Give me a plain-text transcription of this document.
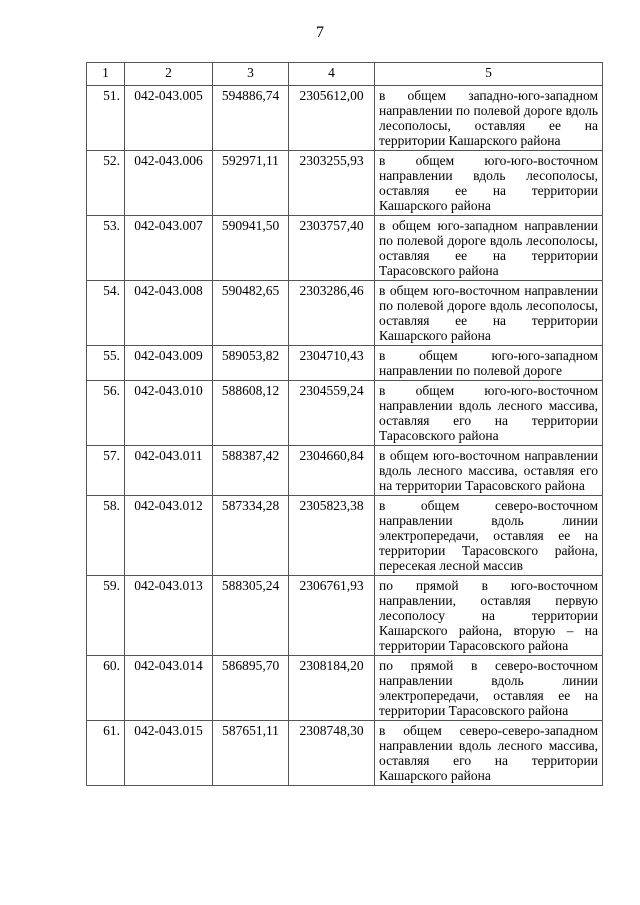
7
1	2	3	4	5
51.	042-043.005	594886,74	2305612,00	в общем западно-юго-западном направлении по полевой дороге вдоль лесополосы, оставляя ее на территории Кашарского района
52.	042-043.006	592971,11	2303255,93	в общем юго-юго-восточном направлении вдоль лесополосы, оставляя ее на территории Кашарского района
53.	042-043.007	590941,50	2303757,40	в общем юго-западном направлении по полевой дороге вдоль лесополосы, оставляя ее на территории Тарасовского района
54.	042-043.008	590482,65	2303286,46	в общем юго-восточном направлении по полевой дороге вдоль лесополосы, оставляя ее на территории Кашарского района
55.	042-043.009	589053,82	2304710,43	в общем юго-юго-западном направлении по полевой дороге
56.	042-043.010	588608,12	2304559,24	в общем юго-юго-восточном направлении вдоль лесного массива, оставляя его на территории Тарасовского района
57.	042-043.011	588387,42	2304660,84	в общем юго-восточном направлении вдоль лесного массива, оставляя его на территории Тарасовского района
58.	042-043.012	587334,28	2305823,38	в общем северо-восточном направлении вдоль линии электропередачи, оставляя ее на территории Тарасовского района, пересекая лесной массив
59.	042-043.013	588305,24	2306761,93	по прямой в юго-восточном направлении, оставляя первую лесополосу на территории Кашарского района, вторую – на территории Тарасовского района
60.	042-043.014	586895,70	2308184,20	по прямой в северо-восточном направлении вдоль линии электропередачи, оставляя ее на территории Тарасовского района
61.	042-043.015	587651,11	2308748,30	в общем северо-северо-западном направлении вдоль лесного массива, оставляя его на территории Кашарского района
